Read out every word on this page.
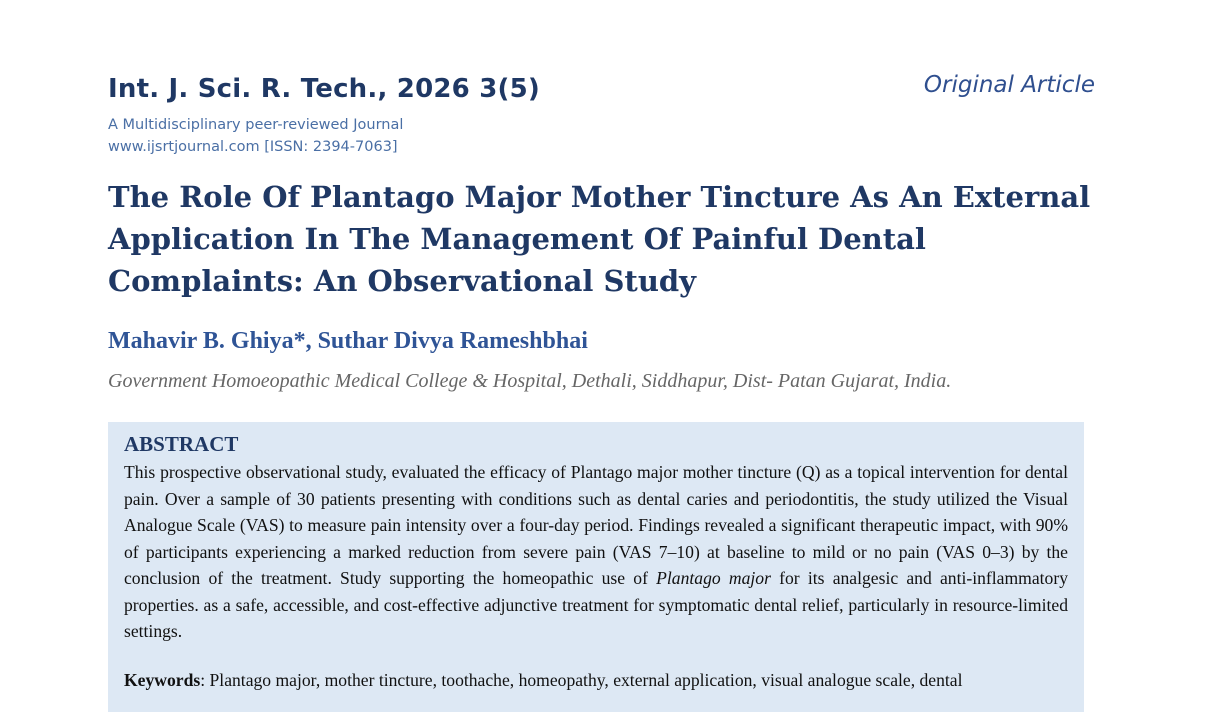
Int. J. Sci. R. Tech., 2026 3(5)	Original Article
A Multidisciplinary peer-reviewed Journal
www.ijsrtjournal.com [ISSN: 2394-7063]
The Role Of Plantago Major Mother Tincture As An External Application In The Management Of Painful Dental Complaints: An Observational Study
Mahavir B. Ghiya*, Suthar Divya Rameshbhai
Government Homoeopathic Medical College & Hospital, Dethali, Siddhapur, Dist- Patan Gujarat, India.
ABSTRACT
This prospective observational study, evaluated the efficacy of Plantago major mother tincture (Q) as a topical intervention for dental pain. Over a sample of 30 patients presenting with conditions such as dental caries and periodontitis, the study utilized the Visual Analogue Scale (VAS) to measure pain intensity over a four-day period. Findings revealed a significant therapeutic impact, with 90% of participants experiencing a marked reduction from severe pain (VAS 7–10) at baseline to mild or no pain (VAS 0–3) by the conclusion of the treatment. Study supporting the homeopathic use of Plantago major for its analgesic and anti-inflammatory properties. as a safe, accessible, and cost-effective adjunctive treatment for symptomatic dental relief, particularly in resource-limited settings.
Keywords: Plantago major, mother tincture, toothache, homeopathy, external application, visual analogue scale, dental
